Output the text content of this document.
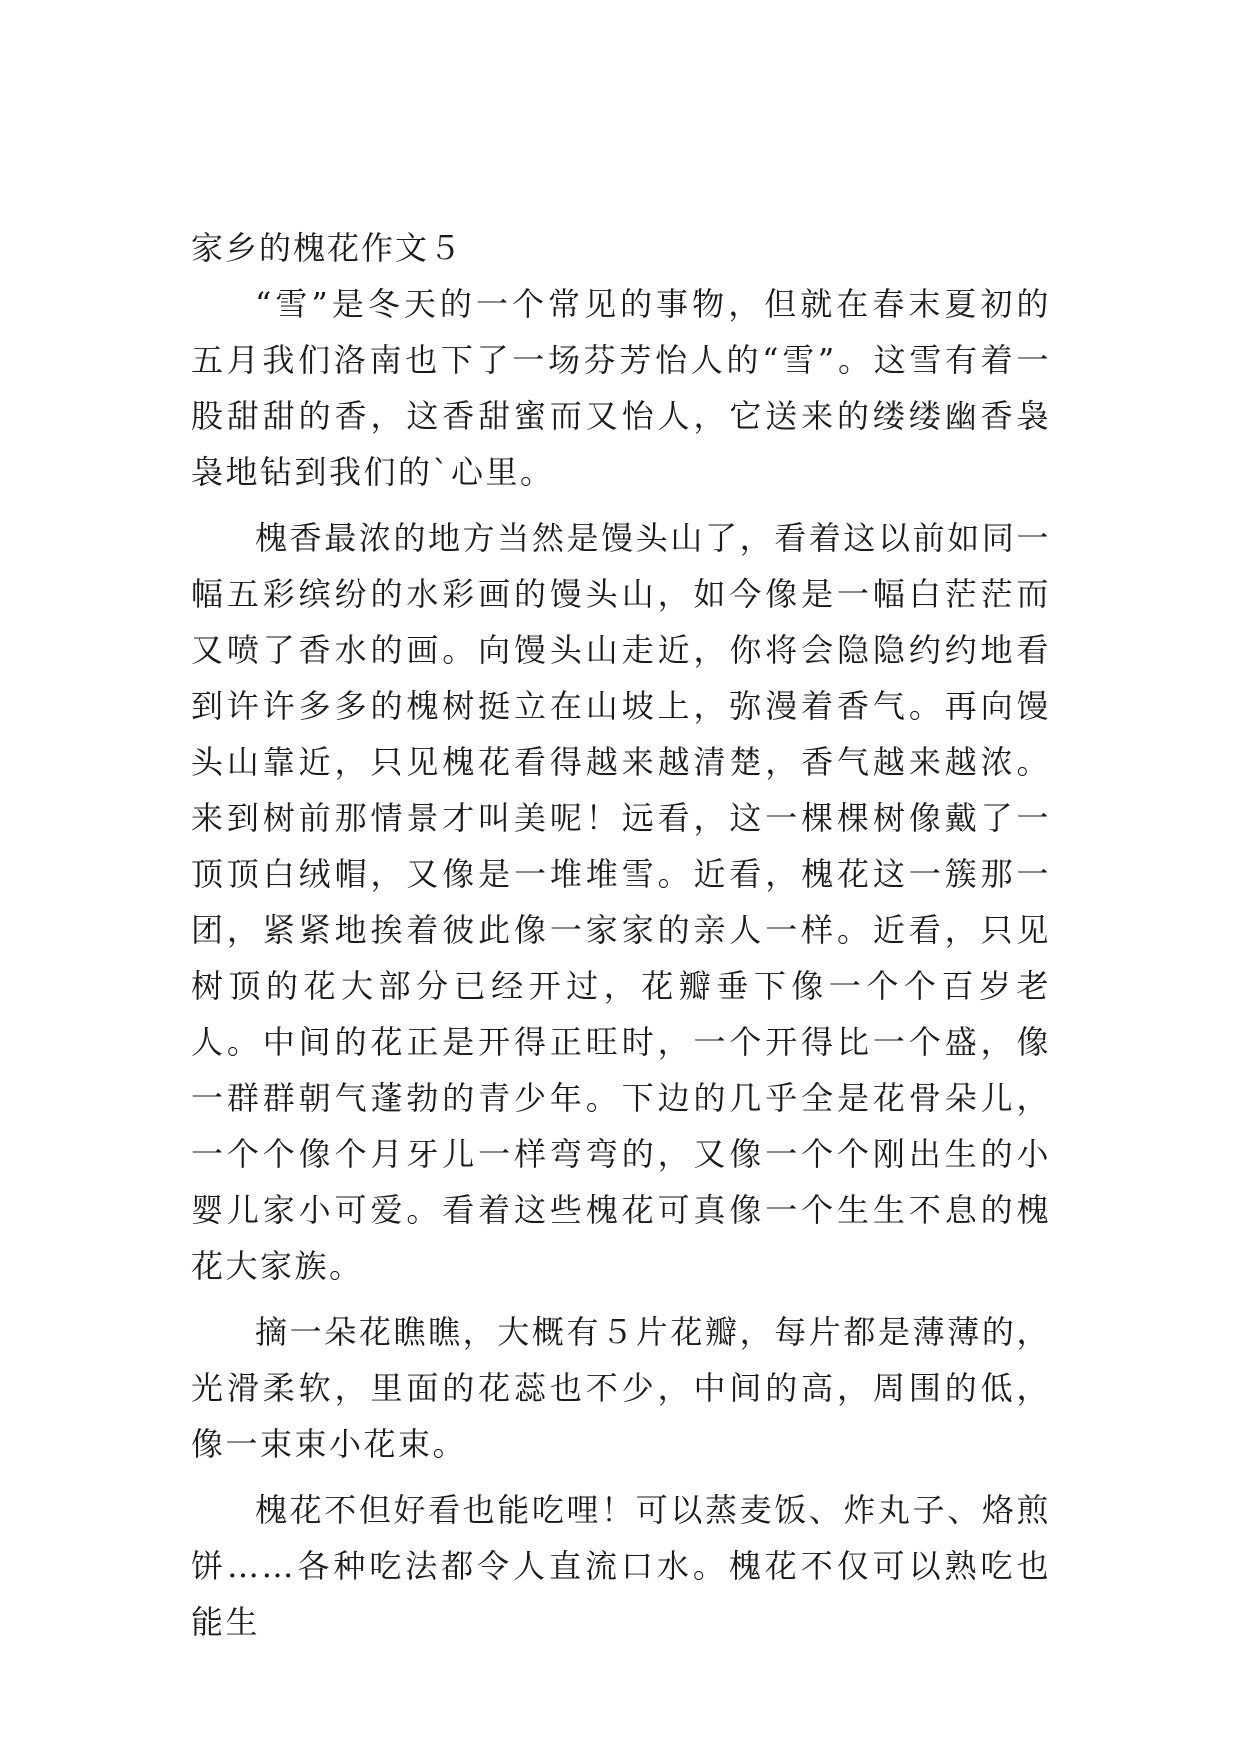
家乡的槐花作文５

“雪”是冬天的一个常见的事物，但就在春末夏初的五月我们洛南也下了一场芬芳怡人的“雪”。这雪有着一股甜甜的香，这香甜蜜而又怡人，它送来的缕缕幽香袅袅地钻到我们的`心里。

槐香最浓的地方当然是馒头山了，看着这以前如同一幅五彩缤纷的水彩画的馒头山，如今像是一幅白茫茫而又喷了香水的画。向馒头山走近，你将会隐隐约约地看到许许多多的槐树挺立在山坡上，弥漫着香气。再向馒头山靠近，只见槐花看得越来越清楚，香气越来越浓。来到树前那情景才叫美呢！远看，这一棵棵树像戴了一顶顶白绒帽，又像是一堆堆雪。近看，槐花这一簇那一团，紧紧地挨着彼此像一家家的亲人一样。近看，只见树顶的花大部分已经开过，花瓣垂下像一个个百岁老人。中间的花正是开得正旺时，一个开得比一个盛，像一群群朝气蓬勃的青少年。下边的几乎全是花骨朵儿，一个个像个月牙儿一样弯弯的，又像一个个刚出生的小婴儿家小可爱。看着这些槐花可真像一个生生不息的槐花大家族。

摘一朵花瞧瞧，大概有５片花瓣，每片都是薄薄的，光滑柔软，里面的花蕊也不少，中间的高，周围的低，像一束束小花束。

槐花不但好看也能吃哩！可以蒸麦饭、炸丸子、烙煎饼……各种吃法都令人直流口水。槐花不仅可以熟吃也能生
